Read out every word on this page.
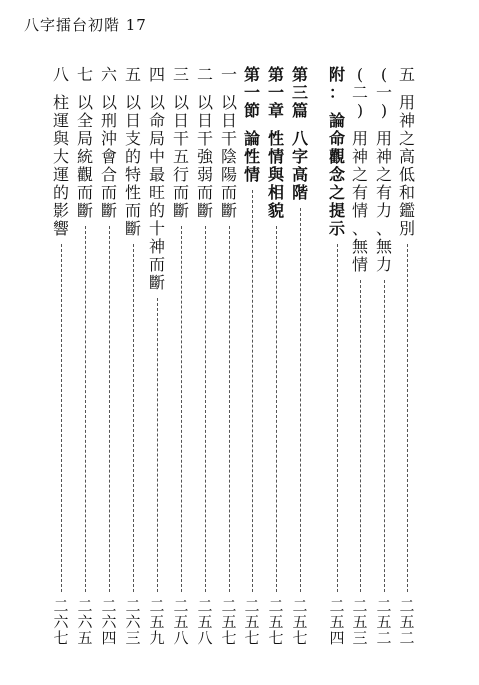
八字擂台初階 17
五
用
神
之
高
低
和
鑑
別
二
五
二
(
一
)
用
神
之
有
力
、
無
力
二
五
二
(
二
)
用
神
之
有
情
、
無
情
二
五
三
附
：
論
命
觀
念
之
提
示
二
五
四
第
三
篇
八
字
高
階
二
五
七
第
一
章
性
情
與
相
貌
二
五
七
第
一
節
論
性
情
二
五
七
一
以
日
干
陰
陽
而
斷
二
五
七
二
以
日
干
強
弱
而
斷
二
五
八
三
以
日
干
五
行
而
斷
二
五
八
四
以
命
局
中
最
旺
的
十
神
而
斷
二
五
九
五
以
日
支
的
特
性
而
斷
二
六
三
六
以
刑
沖
會
合
而
斷
二
六
四
七
以
全
局
統
觀
而
斷
二
六
五
八
柱
運
與
大
運
的
影
響
二
六
七
